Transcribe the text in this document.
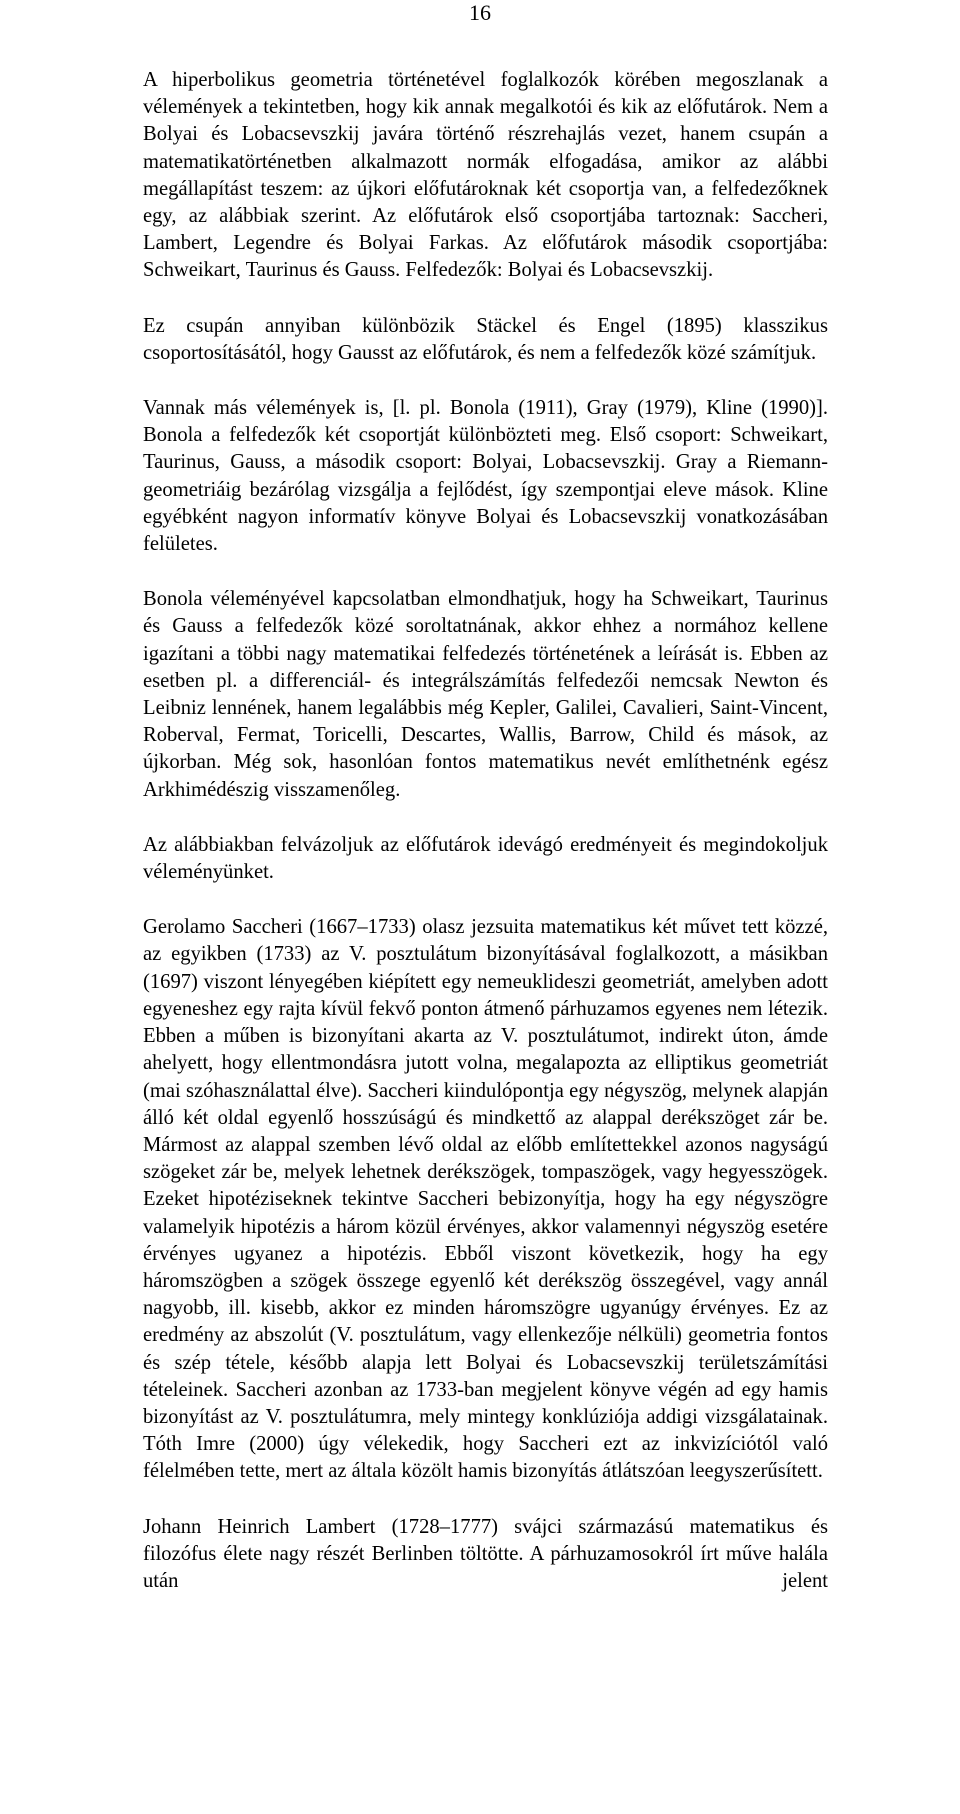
16

A hiperbolikus geometria történetével foglalkozók körében megoszlanak a vélemények a tekintetben, hogy kik annak megalkotói és kik az előfutárok. Nem a Bolyai és Lobacsevszkij javára történő részrehajlás vezet, hanem csupán a matematikatörténetben alkalmazott normák elfogadása, amikor az alábbi megállapítást teszem: az újkori előfutároknak két csoportja van, a felfedezőknek egy, az alábbiak szerint. Az előfutárok első csoportjába tartoznak: Saccheri, Lambert, Legendre és Bolyai Farkas. Az előfutárok második csoportjába: Schweikart, Taurinus és Gauss. Felfedezők: Bolyai és Lobacsevszkij.

Ez csupán annyiban különbözik Stäckel és Engel (1895) klasszikus csoportosításától, hogy Gausst az előfutárok, és nem a felfedezők közé számítjuk.

Vannak más vélemények is, [l. pl. Bonola (1911), Gray (1979), Kline (1990)]. Bonola a felfedezők két csoportját különbözteti meg. Első csoport: Schweikart, Taurinus, Gauss, a második csoport: Bolyai, Lobacsevszkij. Gray a Riemann-geometriáig bezárólag vizsgálja a fejlődést, így szempontjai eleve mások. Kline egyébként nagyon informatív könyve Bolyai és Lobacsevszkij vonatkozásában felületes.

Bonola véleményével kapcsolatban elmondhatjuk, hogy ha Schweikart, Taurinus és Gauss a felfedezők közé soroltatnának, akkor ehhez a normához kellene igazítani a többi nagy matematikai felfedezés történetének a leírását is. Ebben az esetben pl. a differenciál- és integrálszámítás felfedezői nemcsak Newton és Leibniz lennének, hanem legalábbis még Kepler, Galilei, Cavalieri, Saint-Vincent, Roberval, Fermat, Toricelli, Descartes, Wallis, Barrow, Child és mások, az újkorban. Még sok, hasonlóan fontos matematikus nevét említhetnénk egész Arkhimédészig visszamenőleg.

Az alábbiakban felvázoljuk az előfutárok idevágó eredményeit és megindokoljuk véleményünket.

Gerolamo Saccheri (1667–1733) olasz jezsuita matematikus két művet tett közzé, az egyikben (1733) az V. posztulátum bizonyításával foglalkozott, a másikban (1697) viszont lényegében kiépített egy nemeuklideszi geometriát, amelyben adott egyeneshez egy rajta kívül fekvő ponton átmenő párhuzamos egyenes nem létezik. Ebben a műben is bizonyítani akarta az V. posztulátumot, indirekt úton, ámde ahelyett, hogy ellentmondásra jutott volna, megalapozta az elliptikus geometriát (mai szóhasználattal élve). Saccheri kiindulópontja egy négyszög, melynek alapján álló két oldal egyenlő hosszúságú és mindkettő az alappal derékszöget zár be. Mármost az alappal szemben lévő oldal az előbb említettekkel azonos nagyságú szögeket zár be, melyek lehetnek derékszögek, tompaszögek, vagy hegyesszögek. Ezeket hipotéziseknek tekintve Saccheri bebizonyítja, hogy ha egy négyszögre valamelyik hipotézis a három közül érvényes, akkor valamennyi négyszög esetére érvényes ugyanez a hipotézis. Ebből viszont következik, hogy ha egy háromszögben a szögek összege egyenlő két derékszög összegével, vagy annál nagyobb, ill. kisebb, akkor ez minden háromszögre ugyanúgy érvényes. Ez az eredmény az abszolút (V. posztulátum, vagy ellenkezője nélküli) geometria fontos és szép tétele, később alapja lett Bolyai és Lobacsevszkij területszámítási tételeinek. Saccheri azonban az 1733-ban megjelent könyve végén ad egy hamis bizonyítást az V. posztulátumra, mely mintegy konklúziója addigi vizsgálatainak. Tóth Imre (2000) úgy vélekedik, hogy Saccheri ezt az inkvizíciótól való félelmében tette, mert az általa közölt hamis bizonyítás átlátszóan leegyszerűsített.

Johann Heinrich Lambert (1728–1777) svájci származású matematikus és filozófus élete nagy részét Berlinben töltötte. A párhuzamosokról írt műve halála után jelent
